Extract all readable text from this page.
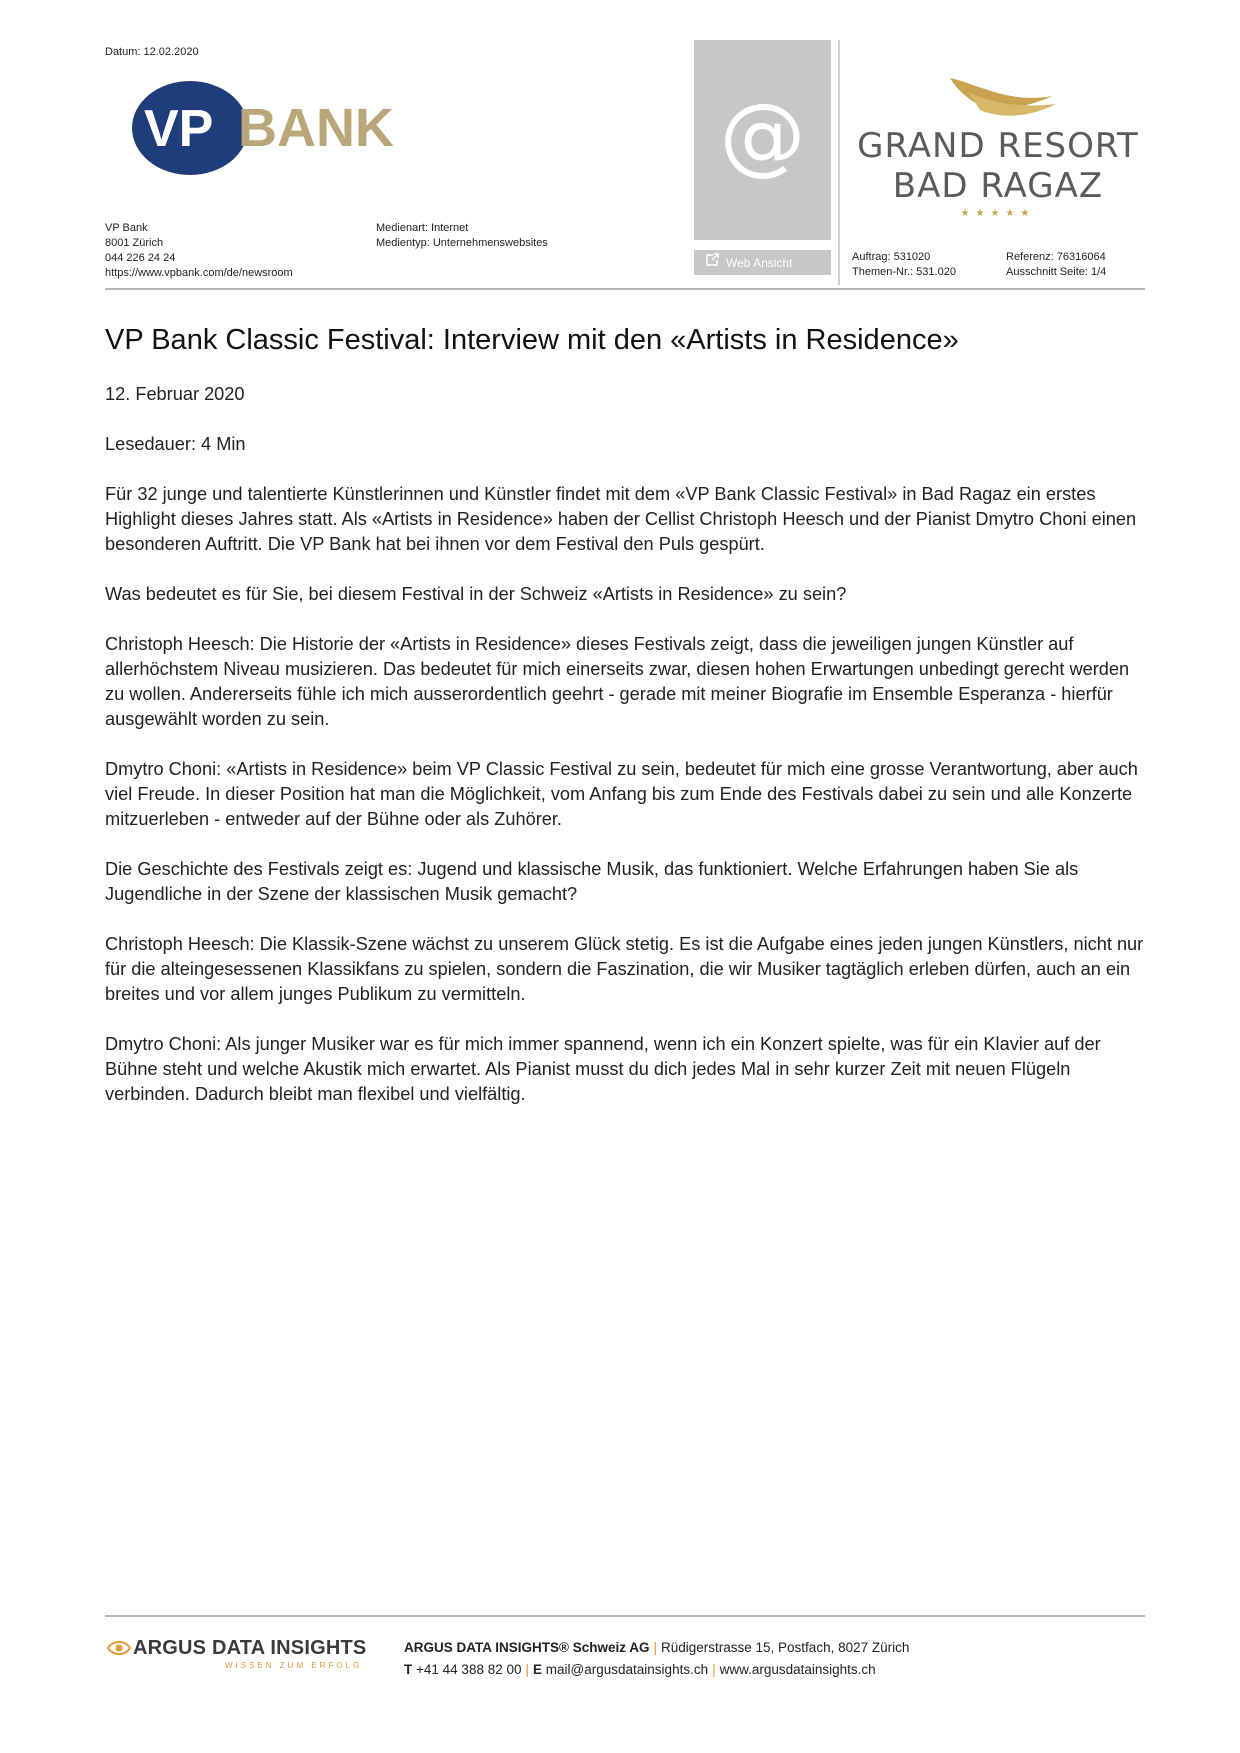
Datum: 12.02.2020
VP BANK
VP Bank
8001 Zürich
044 226 24 24
https://www.vpbank.com/de/newsroom
Medienart: Internet
Medientyp: Unternehmenswebsites
@
Web Ansicht
GRAND RESORT
BAD RAGAZ
★★★★★
Auftrag: 531020
Themen-Nr.: 531.020
Referenz: 76316064
Ausschnitt Seite: 1/4
VP Bank Classic Festival: Interview mit den «Artists in Residence»

12. Februar 2020

Lesedauer: 4 Min

Für 32 junge und talentierte Künstlerinnen und Künstler findet mit dem «VP Bank Classic Festival» in Bad Ragaz ein erstes Highlight dieses Jahres statt. Als «Artists in Residence» haben der Cellist Christoph Heesch und der Pianist Dmytro Choni einen besonderen Auftritt. Die VP Bank hat bei ihnen vor dem Festival den Puls gespürt.

Was bedeutet es für Sie, bei diesem Festival in der Schweiz «Artists in Residence» zu sein?

Christoph Heesch: Die Historie der «Artists in Residence» dieses Festivals zeigt, dass die jeweiligen jungen Künstler auf allerhöchstem Niveau musizieren. Das bedeutet für mich einerseits zwar, diesen hohen Erwartungen unbedingt gerecht werden zu wollen. Andererseits fühle ich mich ausserordentlich geehrt - gerade mit meiner Biografie im Ensemble Esperanza - hierfür ausgewählt worden zu sein.

Dmytro Choni: «Artists in Residence» beim VP Classic Festival zu sein, bedeutet für mich eine grosse Verantwortung, aber auch viel Freude. In dieser Position hat man die Möglichkeit, vom Anfang bis zum Ende des Festivals dabei zu sein und alle Konzerte mitzuerleben - entweder auf der Bühne oder als Zuhörer.

Die Geschichte des Festivals zeigt es: Jugend und klassische Musik, das funktioniert. Welche Erfahrungen haben Sie als Jugendliche in der Szene der klassischen Musik gemacht?

Christoph Heesch: Die Klassik-Szene wächst zu unserem Glück stetig. Es ist die Aufgabe eines jeden jungen Künstlers, nicht nur für die alteingesessenen Klassikfans zu spielen, sondern die Faszination, die wir Musiker tagtäglich erleben dürfen, auch an ein breites und vor allem junges Publikum zu vermitteln.

Dmytro Choni: Als junger Musiker war es für mich immer spannend, wenn ich ein Konzert spielte, was für ein Klavier auf der Bühne steht und welche Akustik mich erwartet. Als Pianist musst du dich jedes Mal in sehr kurzer Zeit mit neuen Flügeln verbinden. Dadurch bleibt man flexibel und vielfältig.

ARGUS DATA INSIGHTS
WISSEN ZUM ERFOLG
ARGUS DATA INSIGHTS® Schweiz AG | Rüdigerstrasse 15, Postfach, 8027 Zürich
T +41 44 388 82 00 | E mail@argusdatainsights.ch | www.argusdatainsights.ch
